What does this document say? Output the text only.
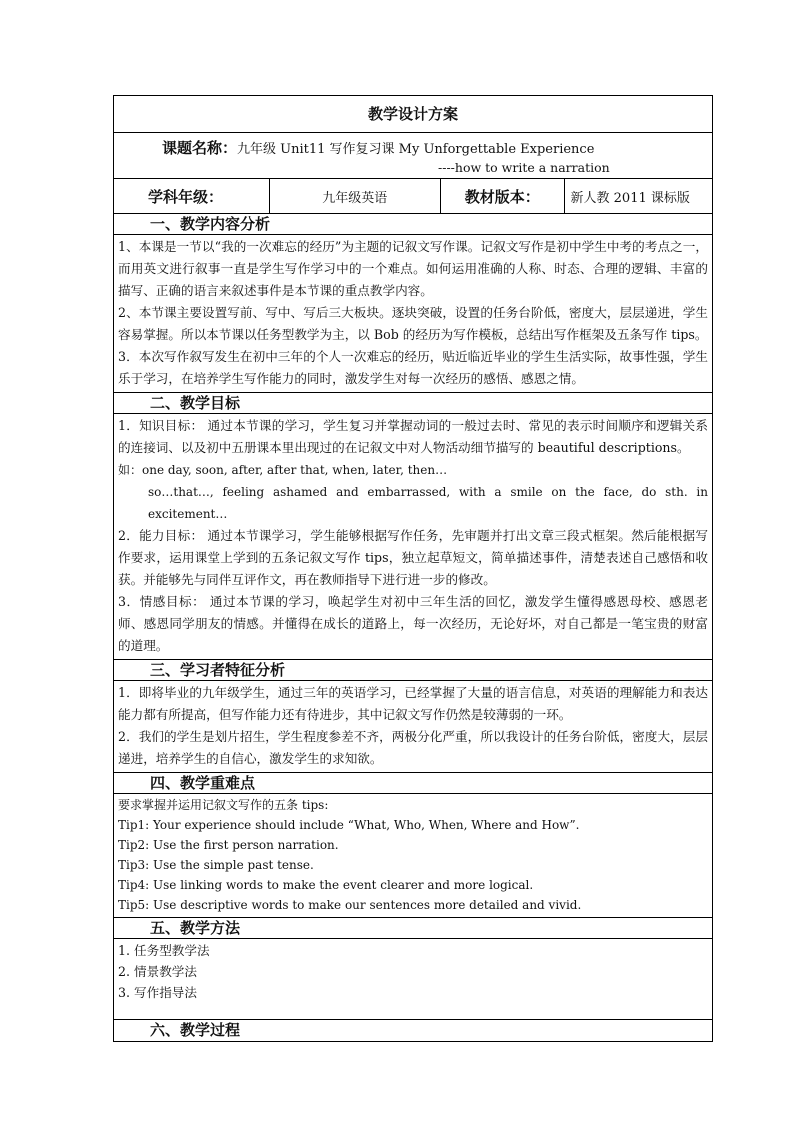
教学设计方案
课题名称：九年级 Unit11 写作复习课 My Unforgettable Experience
----how to write a narration
学科年级：	九年级英语	教材版本：	新人教 2011 课标版
一、教学内容分析

1、本课是一节以“我的一次难忘的经历”为主题的记叙文写作课。记叙文写作是初中学生中考的考点之一，而用英文进行叙事一直是学生写作学习中的一个难点。如何运用准确的人称、时态、合理的逻辑、丰富的描写、正确的语言来叙述事件是本节课的重点教学内容。

2、本节课主要设置写前、写中、写后三大板块。逐块突破，设置的任务台阶低，密度大，层层递进，学生容易掌握。所以本节课以任务型教学为主，以 Bob 的经历为写作模板，总结出写作框架及五条写作 tips。

3．本次写作叙写发生在初中三年的个人一次难忘的经历，贴近临近毕业的学生生活实际，故事性强，学生乐于学习，在培养学生写作能力的同时，激发学生对每一次经历的感悟、感恩之情。

二、教学目标

1．知识目标： 通过本节课的学习，学生复习并掌握动词的一般过去时、常见的表示时间顺序和逻辑关系的连接词、以及初中五册课本里出现过的在记叙文中对人物活动细节描写的 beautiful descriptions。

如：one day, soon, after, after that, when, later, then…

so…that…, feeling ashamed and embarrassed, with a smile on the face, do sth. in excitement…

2．能力目标： 通过本节课学习，学生能够根据写作任务，先审题并打出文章三段式框架。然后能根据写作要求，运用课堂上学到的五条记叙文写作 tips，独立起草短文，简单描述事件，清楚表述自己感悟和收获。并能够先与同伴互评作文，再在教师指导下进行进一步的修改。

3．情感目标： 通过本节课的学习，唤起学生对初中三年生活的回忆，激发学生懂得感恩母校、感恩老师、感恩同学朋友的情感。并懂得在成长的道路上，每一次经历，无论好坏，对自己都是一笔宝贵的财富的道理。

三、学习者特征分析

1．即将毕业的九年级学生，通过三年的英语学习，已经掌握了大量的语言信息，对英语的理解能力和表达能力都有所提高，但写作能力还有待进步，其中记叙文写作仍然是较薄弱的一环。

2．我们的学生是划片招生，学生程度参差不齐，两极分化严重，所以我设计的任务台阶低，密度大，层层递进，培养学生的自信心，激发学生的求知欲。

四、教学重难点

要求掌握并运用记叙文写作的五条 tips:

Tip1: Your experience should include “What, Who, When, Where and How”.

Tip2: Use the first person narration.

Tip3: Use the simple past tense.

Tip4: Use linking words to make the event clearer and more logical.

Tip5: Use descriptive words to make our sentences more detailed and vivid.

五、教学方法

1. 任务型教学法

2. 情景教学法

3. 写作指导法

六、教学过程
